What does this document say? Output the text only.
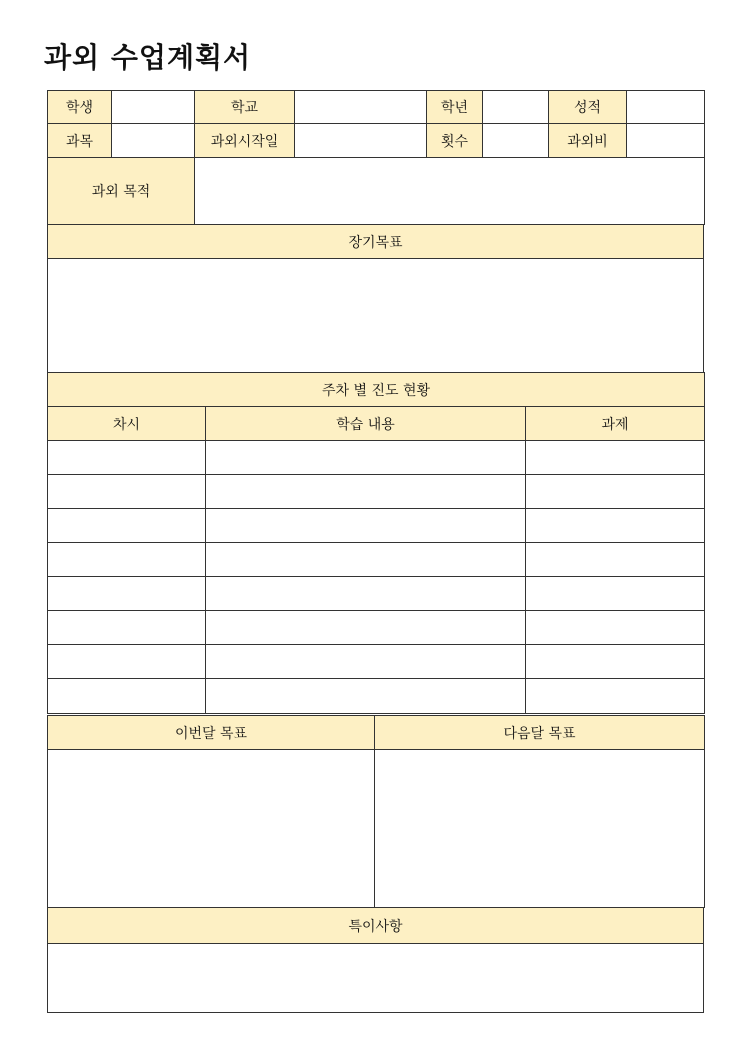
과외 수업계획서
학생		학교		학년		성적	
과목		과외시작일		횟수		과외비	
과외 목적							
장기목표

주차 별 진도 현황		
차시	학습 내용	과제

이번달 목표	다음달 목표

특이사항
